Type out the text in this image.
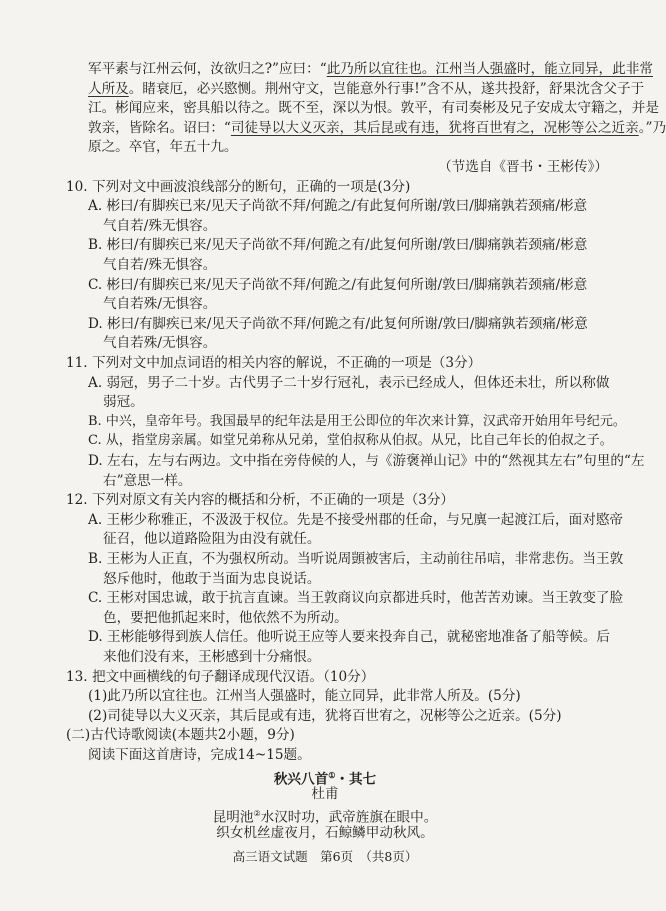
军平素与江州云何，汝欲归之?”应曰：“此乃所以宜往也。江州当人强盛时，能立同异，此非常
人所及。睹衰厄，必兴愍恻。荆州守文，岂能意外行事!”含不从，遂共投舒，舒果沈含父子于
江。彬闻应来，密具船以待之。既不至，深以为恨。敦平，有司奏彬及兄子安成太守籍之，并是
敦亲，皆除名。诏曰：“司徒导以大义灭亲，其后昆或有违，犹将百世宥之，况彬等公之近亲。”乃
原之。卒官，年五十九。
（节选自《晋书・王彬传》）
10. 下列对文中画波浪线部分的断句，正确的一项是(3分)
A. 彬曰/有脚疾已来/见天子尚欲不拜/何跪之/有此复何所谢/敦曰/脚痛孰若颈痛/彬意
气自若/殊无惧容。
B. 彬曰/有脚疾已来/见天子尚欲不拜/何跪之有/此复何所谢/敦曰/脚痛孰若颈痛/彬意
气自若/殊无惧容。
C. 彬曰/有脚疾已来/见天子尚欲不拜/何跪之/有此复何所谢/敦曰/脚痛孰若颈痛/彬意
气自若殊/无惧容。
D. 彬曰/有脚疾已来/见天子尚欲不拜/何跪之有/此复何所谢/敦曰/脚痛孰若颈痛/彬意
气自若殊/无惧容。
11. 下列对文中加点词语的相关内容的解说，不正确的一项是（3分）
A. 弱冠，男子二十岁。古代男子二十岁行冠礼，表示已经成人，但体还未壮，所以称做
弱冠。
B. 中兴，皇帝年号。我国最早的纪年法是用王公即位的年次来计算，汉武帝开始用年号纪元。
C. 从，指堂房亲属。如堂兄弟称从兄弟，堂伯叔称从伯叔。从兄，比自己年长的伯叔之子。
D. 左右，左与右两边。文中指在旁侍候的人，与《游褒禅山记》中的“然视其左右”句里的“左
右”意思一样。
12. 下列对原文有关内容的概括和分析，不正确的一项是（3分）
A. 王彬少称雅正，不汲汲于权位。先是不接受州郡的任命，与兄廙一起渡江后，面对愍帝
征召，他以道路险阻为由没有就任。
B. 王彬为人正直，不为强权所动。当听说周顗被害后，主动前往吊唁，非常悲伤。当王敦
怒斥他时，他敢于当面为忠良说话。
C. 王彬对国忠诚，敢于抗言直谏。当王敦商议向京都进兵时，他苦苦劝谏。当王敦变了脸
色，要把他抓起来时，他依然不为所动。
D. 王彬能够得到族人信任。他听说王应等人要来投奔自己，就秘密地准备了船等候。后
来他们没有来，王彬感到十分痛恨。
13. 把文中画横线的句子翻译成现代汉语。（10分）
(1)此乃所以宜往也。江州当人强盛时，能立同异，此非常人所及。(5分)
(2)司徒导以大义灭亲，其后昆或有违，犹将百世宥之，况彬等公之近亲。(5分)
(二)古代诗歌阅读(本题共2小题，9分)
阅读下面这首唐诗，完成14~15题。
高三语文试题　第6页　（共8页）
秋兴八首①・其七
杜甫
昆明池②水汉时功，武帝旌旗在眼中。
织女机丝虚夜月，石鲸鳞甲动秋风。
